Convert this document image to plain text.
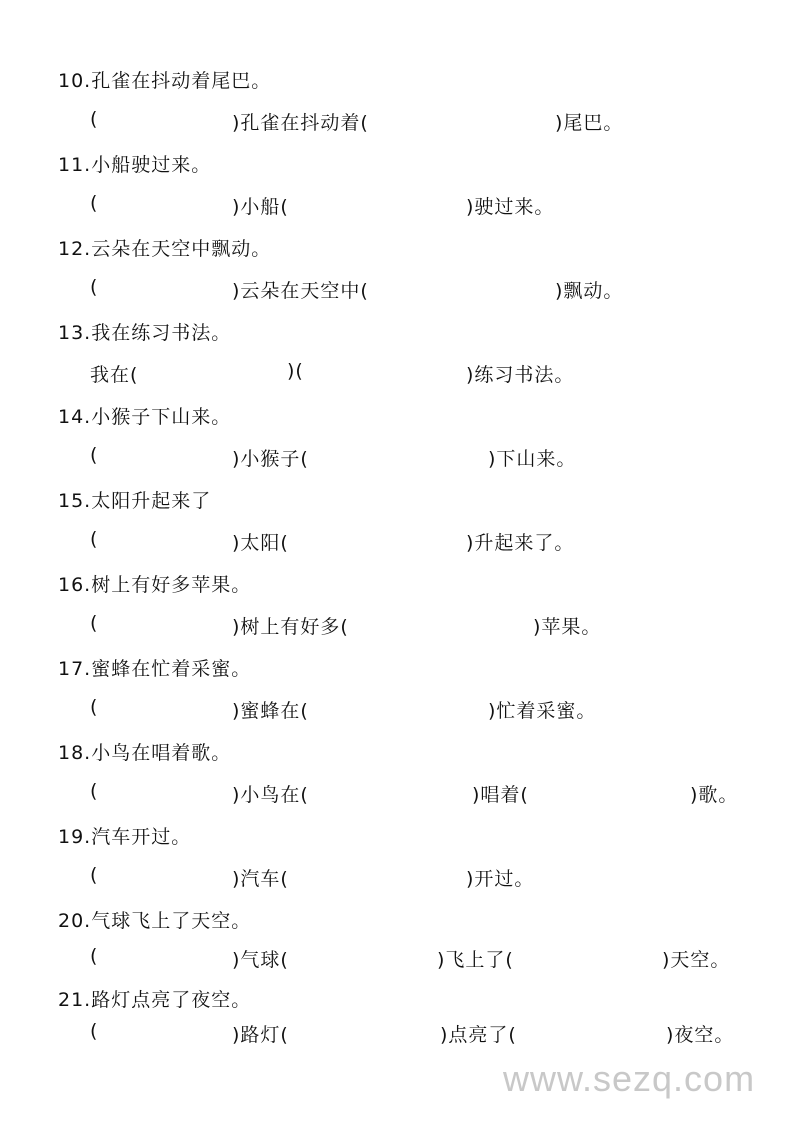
10.孔雀在抖动着尾巴。
(	)孔雀在抖动着(	)尾巴。
11.小船驶过来。
(	)小船(	)驶过来。
12.云朵在天空中飘动。
(	)云朵在天空中(	)飘动。
13.我在练习书法。
我在(	)(	)练习书法。
14.小猴子下山来。
(	)小猴子(	)下山来。
15.太阳升起来了
(	)太阳(	)升起来了。
16.树上有好多苹果。
(	)树上有好多(	)苹果。
17.蜜蜂在忙着采蜜。
(	)蜜蜂在(	)忙着采蜜。
18.小鸟在唱着歌。
(	)小鸟在(	)唱着(	)歌。
19.汽车开过。
(	)汽车(	)开过。
20.气球飞上了天空。
(	)气球(	)飞上了(	)天空。
21.路灯点亮了夜空。
(	)路灯(	)点亮了(	)夜空。
www.sezq.com
